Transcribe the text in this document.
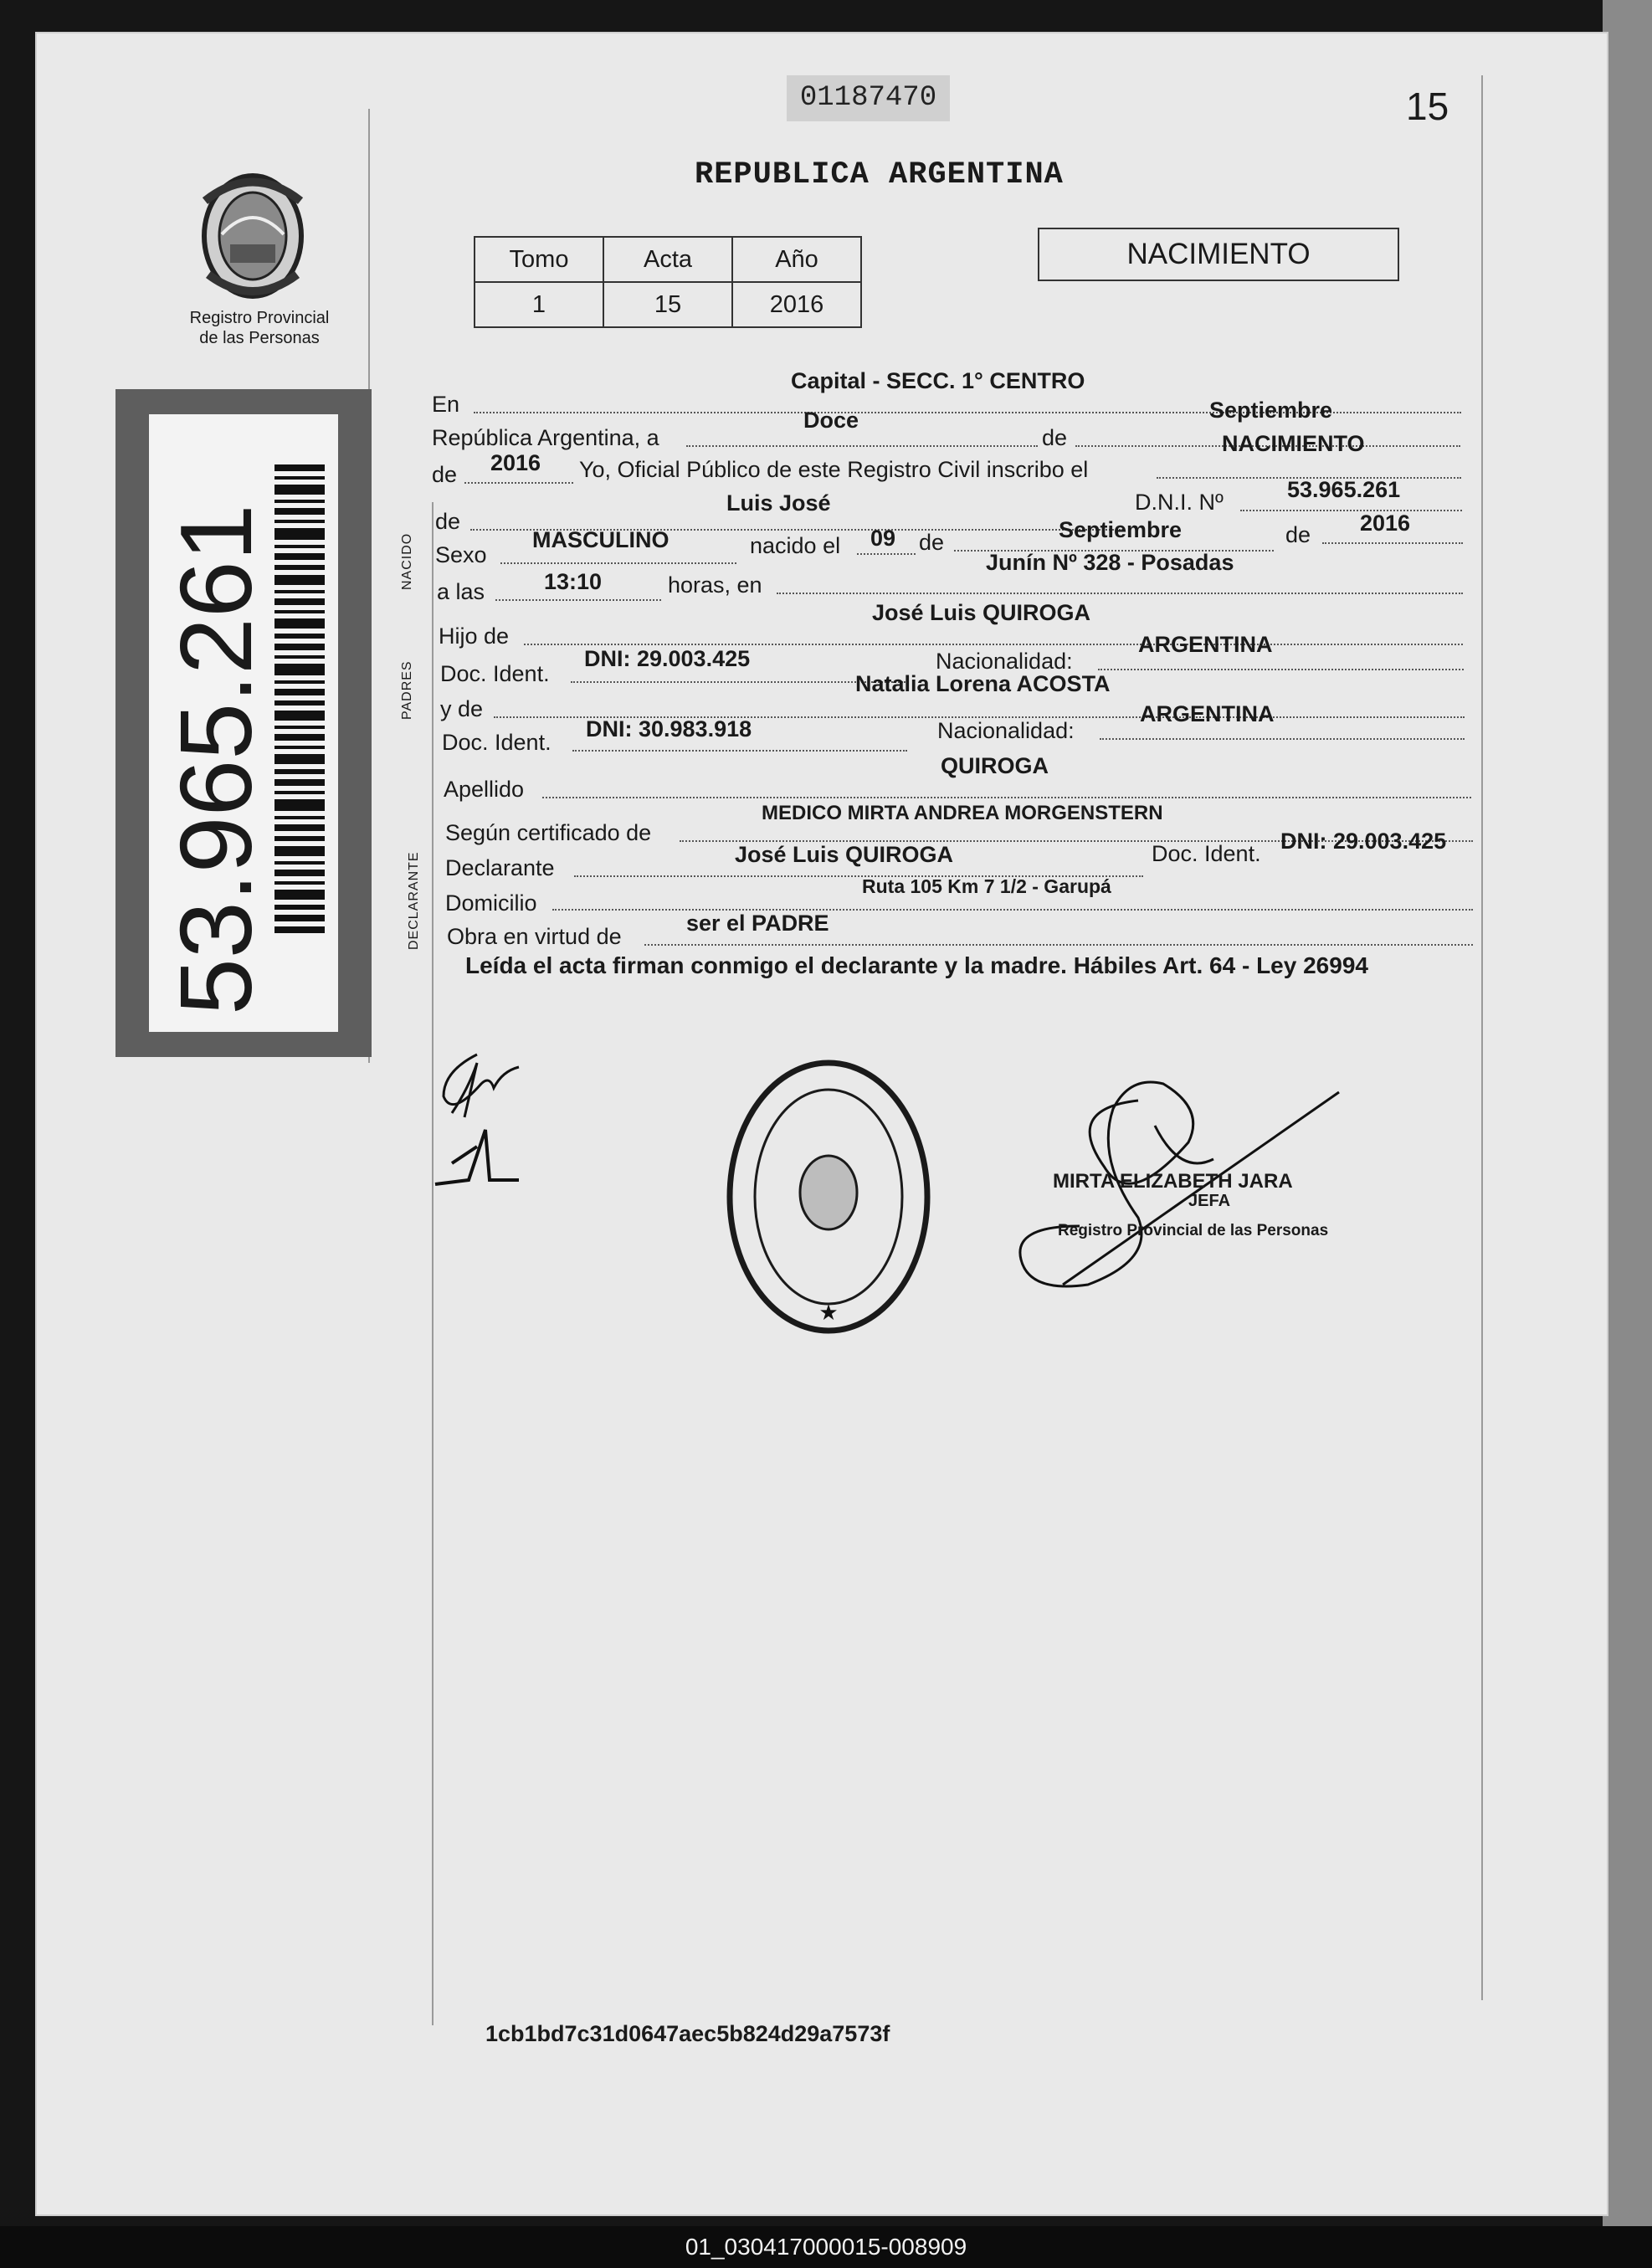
01187470	15
REPUBLICA ARGENTINA
Tomo	Acta	Año
1	15	2016
NACIMIENTO
Registro Provincial
de las Personas
53.965.261	NACIDO
PADRES
DECLARANTE
En
Capital - SECC. 1° CENTRO
República Argentina, a
Doce
de
Septiembre
de 2016 Yo, Oficial Público de este Registro Civil inscribo el
NACIMIENTO
de
Luis José	D.N.I. Nº	53.965.261
Sexo
MASCULINO	nacido el 09 de	Septiembre	de 2016
a las	13:10	horas, en
Junín Nº 328 - Posadas
Hijo de
José Luis QUIROGA
Doc. Ident.
DNI: 29.003.425	Nacionalidad:
ARGENTINA
y de
Natalia Lorena ACOSTA
Doc. Ident.
DNI: 30.983.918	Nacionalidad:
ARGENTINA
Apellido
QUIROGA
Según certificado de
MEDICO MIRTA ANDREA MORGENSTERN
Declarante
José Luis QUIROGA	Doc. Ident. DNI: 29.003.425
Domicilio
Ruta 105 Km 7 1/2 - Garupá
Obra en virtud de
ser el PADRE
Leída el acta firman conmigo el declarante y la madre. Hábiles Art. 64 - Ley 26994
★
MIRTA ELIZABETH JARA
JEFA
Registro Provincial de las Personas
1cb1bd7c31d0647aec5b824d29a7573f
01_030417000015-008909
